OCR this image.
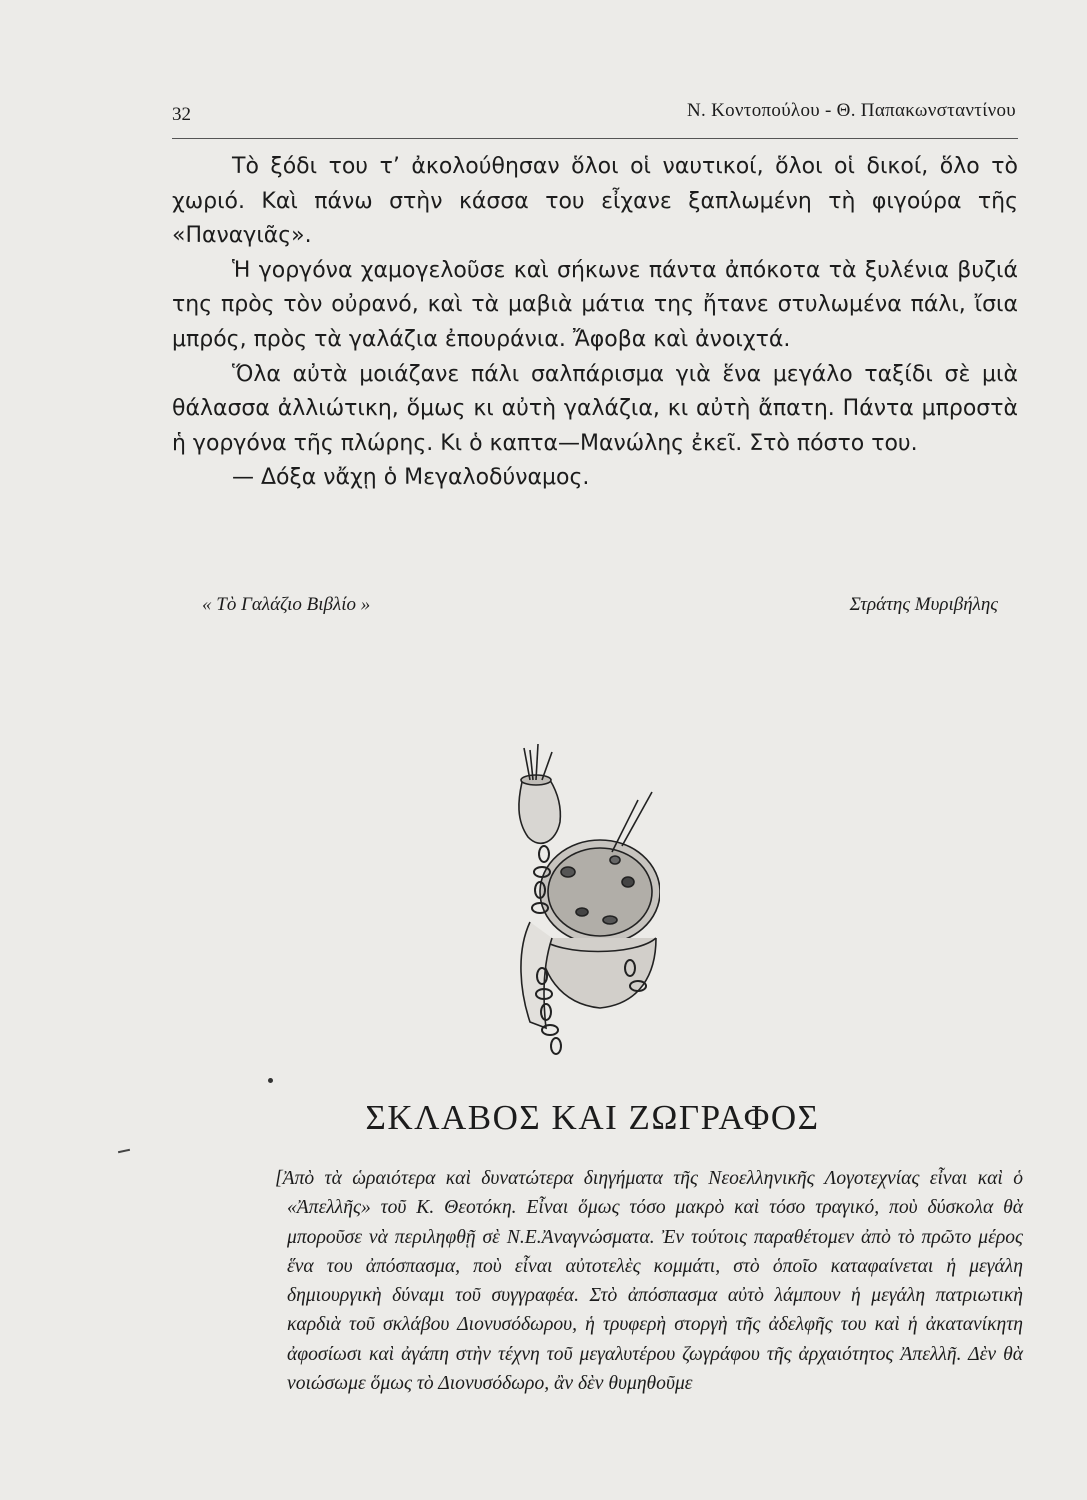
32	Ν. Κοντοπούλου - Θ. Παπακωνσταντίνου

Τὸ ξόδι του τ’ ἀκολούθησαν ὅλοι οἱ ναυτικοί, ὅλοι οἱ δικοί, ὅλο τὸ χωριό. Καὶ πάνω στὴν κάσσα του εἶχανε ξαπλωμένη τὴ φιγούρα τῆς «Παναγιᾶς».

Ἡ γοργόνα χαμογελοῦσε καὶ σήκωνε πάντα ἀπόκοτα τὰ ξυλένια βυζιά της πρὸς τὸν οὐρανό, καὶ τὰ μαβιὰ μάτια της ἤτανε στυλωμένα πάλι, ἴσια μπρός, πρὸς τὰ γαλάζια ἐπουράνια. Ἄφοβα καὶ ἀνοιχτά.

Ὅλα αὐτὰ μοιάζανε πάλι σαλπάρισμα γιὰ ἕνα μεγάλο ταξίδι σὲ μιὰ θάλασσα ἀλλιώτικη, ὅμως κι αὐτὴ γαλάζια, κι αὐτὴ ἄπατη. Πάντα μπροστὰ ἡ γοργόνα τῆς πλώρης. Κι ὁ καπτα—Μανώλης ἐκεῖ. Στὸ πόστο του.

— Δόξα νἄχῃ ὁ Μεγαλοδύναμος.

« Τὸ Γαλάζιο Βιβλίο »	Στράτης Μυριβήλης
ΣΚΛΑΒΟΣ ΚΑΙ ΖΩΓΡΑΦΟΣ

[Ἀπὸ τὰ ὡραιότερα καὶ δυνατώτερα διηγήματα τῆς Νεοελληνικῆς Λογοτεχνίας εἶναι καὶ ὁ «Ἀπελλῆς» τοῦ Κ. Θεοτόκη. Εἶναι ὅμως τόσο μακρὸ καὶ τόσο τραγικό, ποὺ δύσκολα θὰ μποροῦσε νὰ περιληφθῇ σὲ Ν.Ε.Ἀναγνώσματα. Ἐν τούτοις παραθέτομεν ἀπὸ τὸ πρῶτο μέρος ἕνα του ἀπόσπασμα, ποὺ εἶναι αὐτοτελὲς κομμάτι, στὸ ὁποῖο καταφαίνεται ἡ μεγάλη δημιουργικὴ δύναμι τοῦ συγγραφέα. Στὸ ἀπόσπασμα αὐτὸ λάμπουν ἡ μεγάλη πατριωτικὴ καρδιὰ τοῦ σκλάβου Διονυσόδωρου, ἡ τρυφερὴ στοργὴ τῆς ἀδελφῆς του καὶ ἡ ἀκατανίκητη ἀφοσίωσι καὶ ἀγάπη στὴν τέχνη τοῦ μεγαλυτέρου ζωγράφου τῆς ἀρχαιότητος Ἀπελλῆ. Δὲν θὰ νοιώσωμε ὅμως τὸ Διονυσόδωρο, ἂν δὲν θυμηθοῦμε
